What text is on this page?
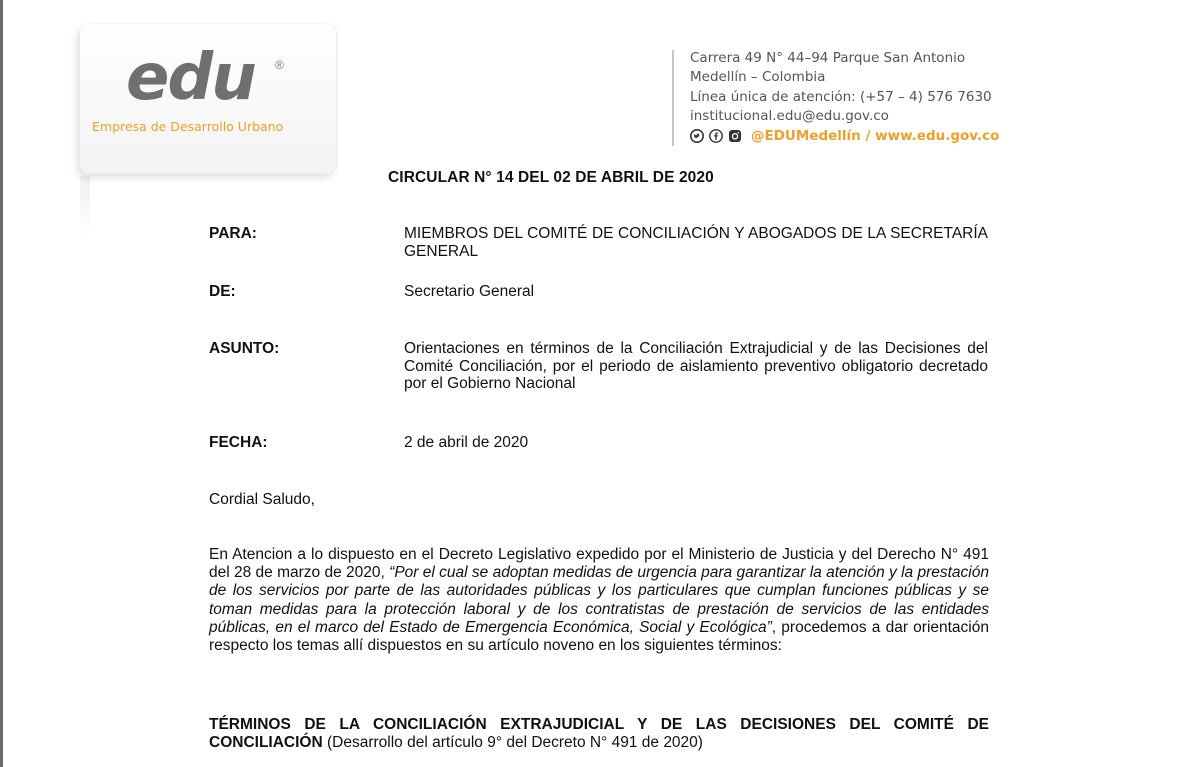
edu ®
Empresa de Desarrollo Urbano
Carrera 49 N° 44–94 Parque San Antonio
Medellín – Colombia
Línea única de atención: (+57 – 4) 576 7630
institucional.edu@edu.gov.co
@EDUMedellín / www.edu.gov.co
CIRCULAR N° 14 DEL 02 DE ABRIL DE 2020
PARA:	MIEMBROS DEL COMITÉ DE CONCILIACIÓN Y ABOGADOS DE LA SECRETARÍA GENERAL
DE:	Secretario General
ASUNTO:	Orientaciones en términos de la Conciliación Extrajudicial y de las Decisiones del Comité Conciliación, por el periodo de aislamiento preventivo obligatorio decretado por el Gobierno Nacional
FECHA:	2 de abril de 2020
Cordial Saludo,
En Atencion a lo dispuesto en el Decreto Legislativo expedido por el Ministerio de Justicia y del Derecho N° 491 del 28 de marzo de 2020, “Por el cual se adoptan medidas de urgencia para garantizar la atención y la prestación de los servicios por parte de las autoridades públicas y los particulares que cumplan funciones públicas y se toman medidas para la protección laboral y de los contratistas de prestación de servicios de las entidades públicas, en el marco del Estado de Emergencia Económica, Social y Ecológica”, procedemos a dar orientación respecto los temas allí dispuestos en su artículo noveno en los siguientes términos:
TÉRMINOS DE LA CONCILIACIÓN EXTRAJUDICIAL Y DE LAS DECISIONES DEL COMITÉ DE CONCILIACIÓN (Desarrollo del artículo 9° del Decreto N° 491 de 2020)
